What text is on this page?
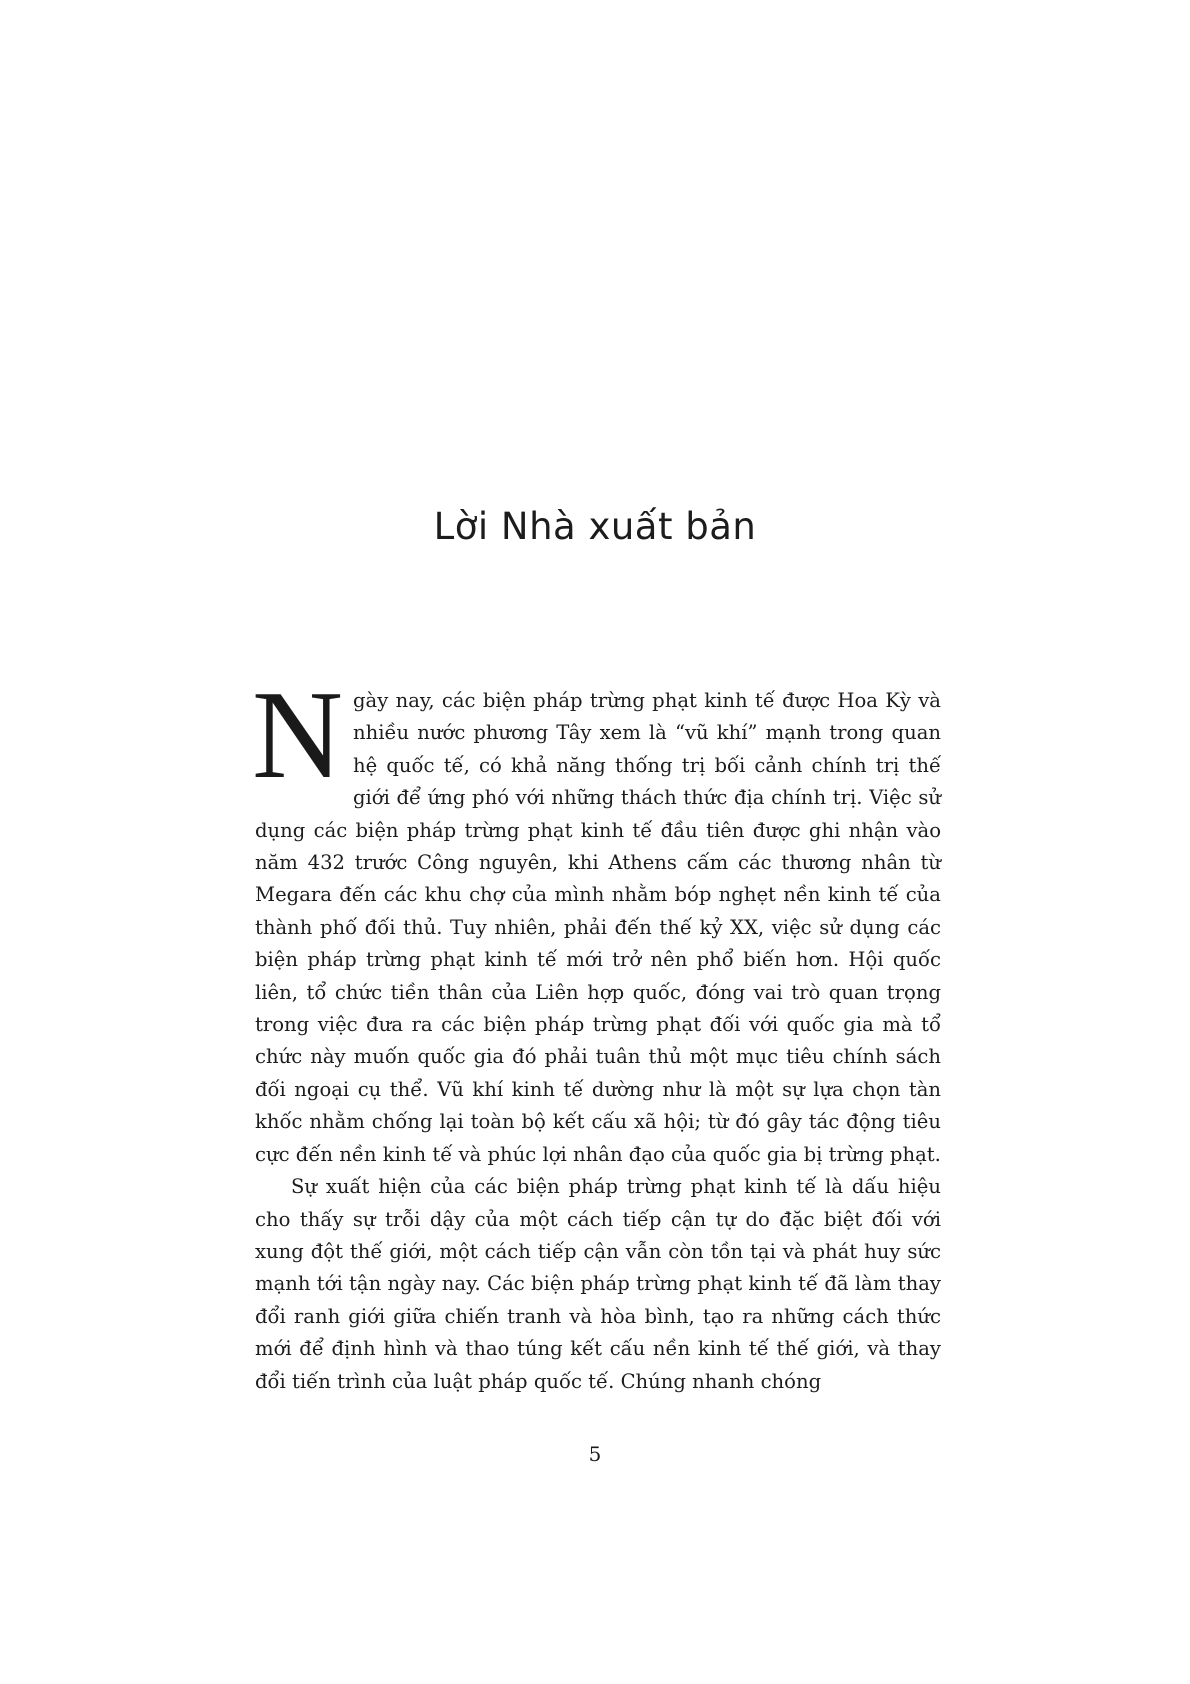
Lời Nhà xuất bản

Ngày nay, các biện pháp trừng phạt kinh tế được Hoa Kỳ và nhiều nước phương Tây xem là “vũ khí” mạnh trong quan hệ quốc tế, có khả năng thống trị bối cảnh chính trị thế giới để ứng phó với những thách thức địa chính trị. Việc sử dụng các biện pháp trừng phạt kinh tế đầu tiên được ghi nhận vào năm 432 trước Công nguyên, khi Athens cấm các thương nhân từ Megara đến các khu chợ của mình nhằm bóp nghẹt nền kinh tế của thành phố đối thủ. Tuy nhiên, phải đến thế kỷ XX, việc sử dụng các biện pháp trừng phạt kinh tế mới trở nên phổ biến hơn. Hội quốc liên, tổ chức tiền thân của Liên hợp quốc, đóng vai trò quan trọng trong việc đưa ra các biện pháp trừng phạt đối với quốc gia mà tổ chức này muốn quốc gia đó phải tuân thủ một mục tiêu chính sách đối ngoại cụ thể. Vũ khí kinh tế dường như là một sự lựa chọn tàn khốc nhằm chống lại toàn bộ kết cấu xã hội; từ đó gây tác động tiêu cực đến nền kinh tế và phúc lợi nhân đạo của quốc gia bị trừng phạt.

Sự xuất hiện của các biện pháp trừng phạt kinh tế là dấu hiệu cho thấy sự trỗi dậy của một cách tiếp cận tự do đặc biệt đối với xung đột thế giới, một cách tiếp cận vẫn còn tồn tại và phát huy sức mạnh tới tận ngày nay. Các biện pháp trừng phạt kinh tế đã làm thay đổi ranh giới giữa chiến tranh và hòa bình, tạo ra những cách thức mới để định hình và thao túng kết cấu nền kinh tế thế giới, và thay đổi tiến trình của luật pháp quốc tế. Chúng nhanh chóng

5
